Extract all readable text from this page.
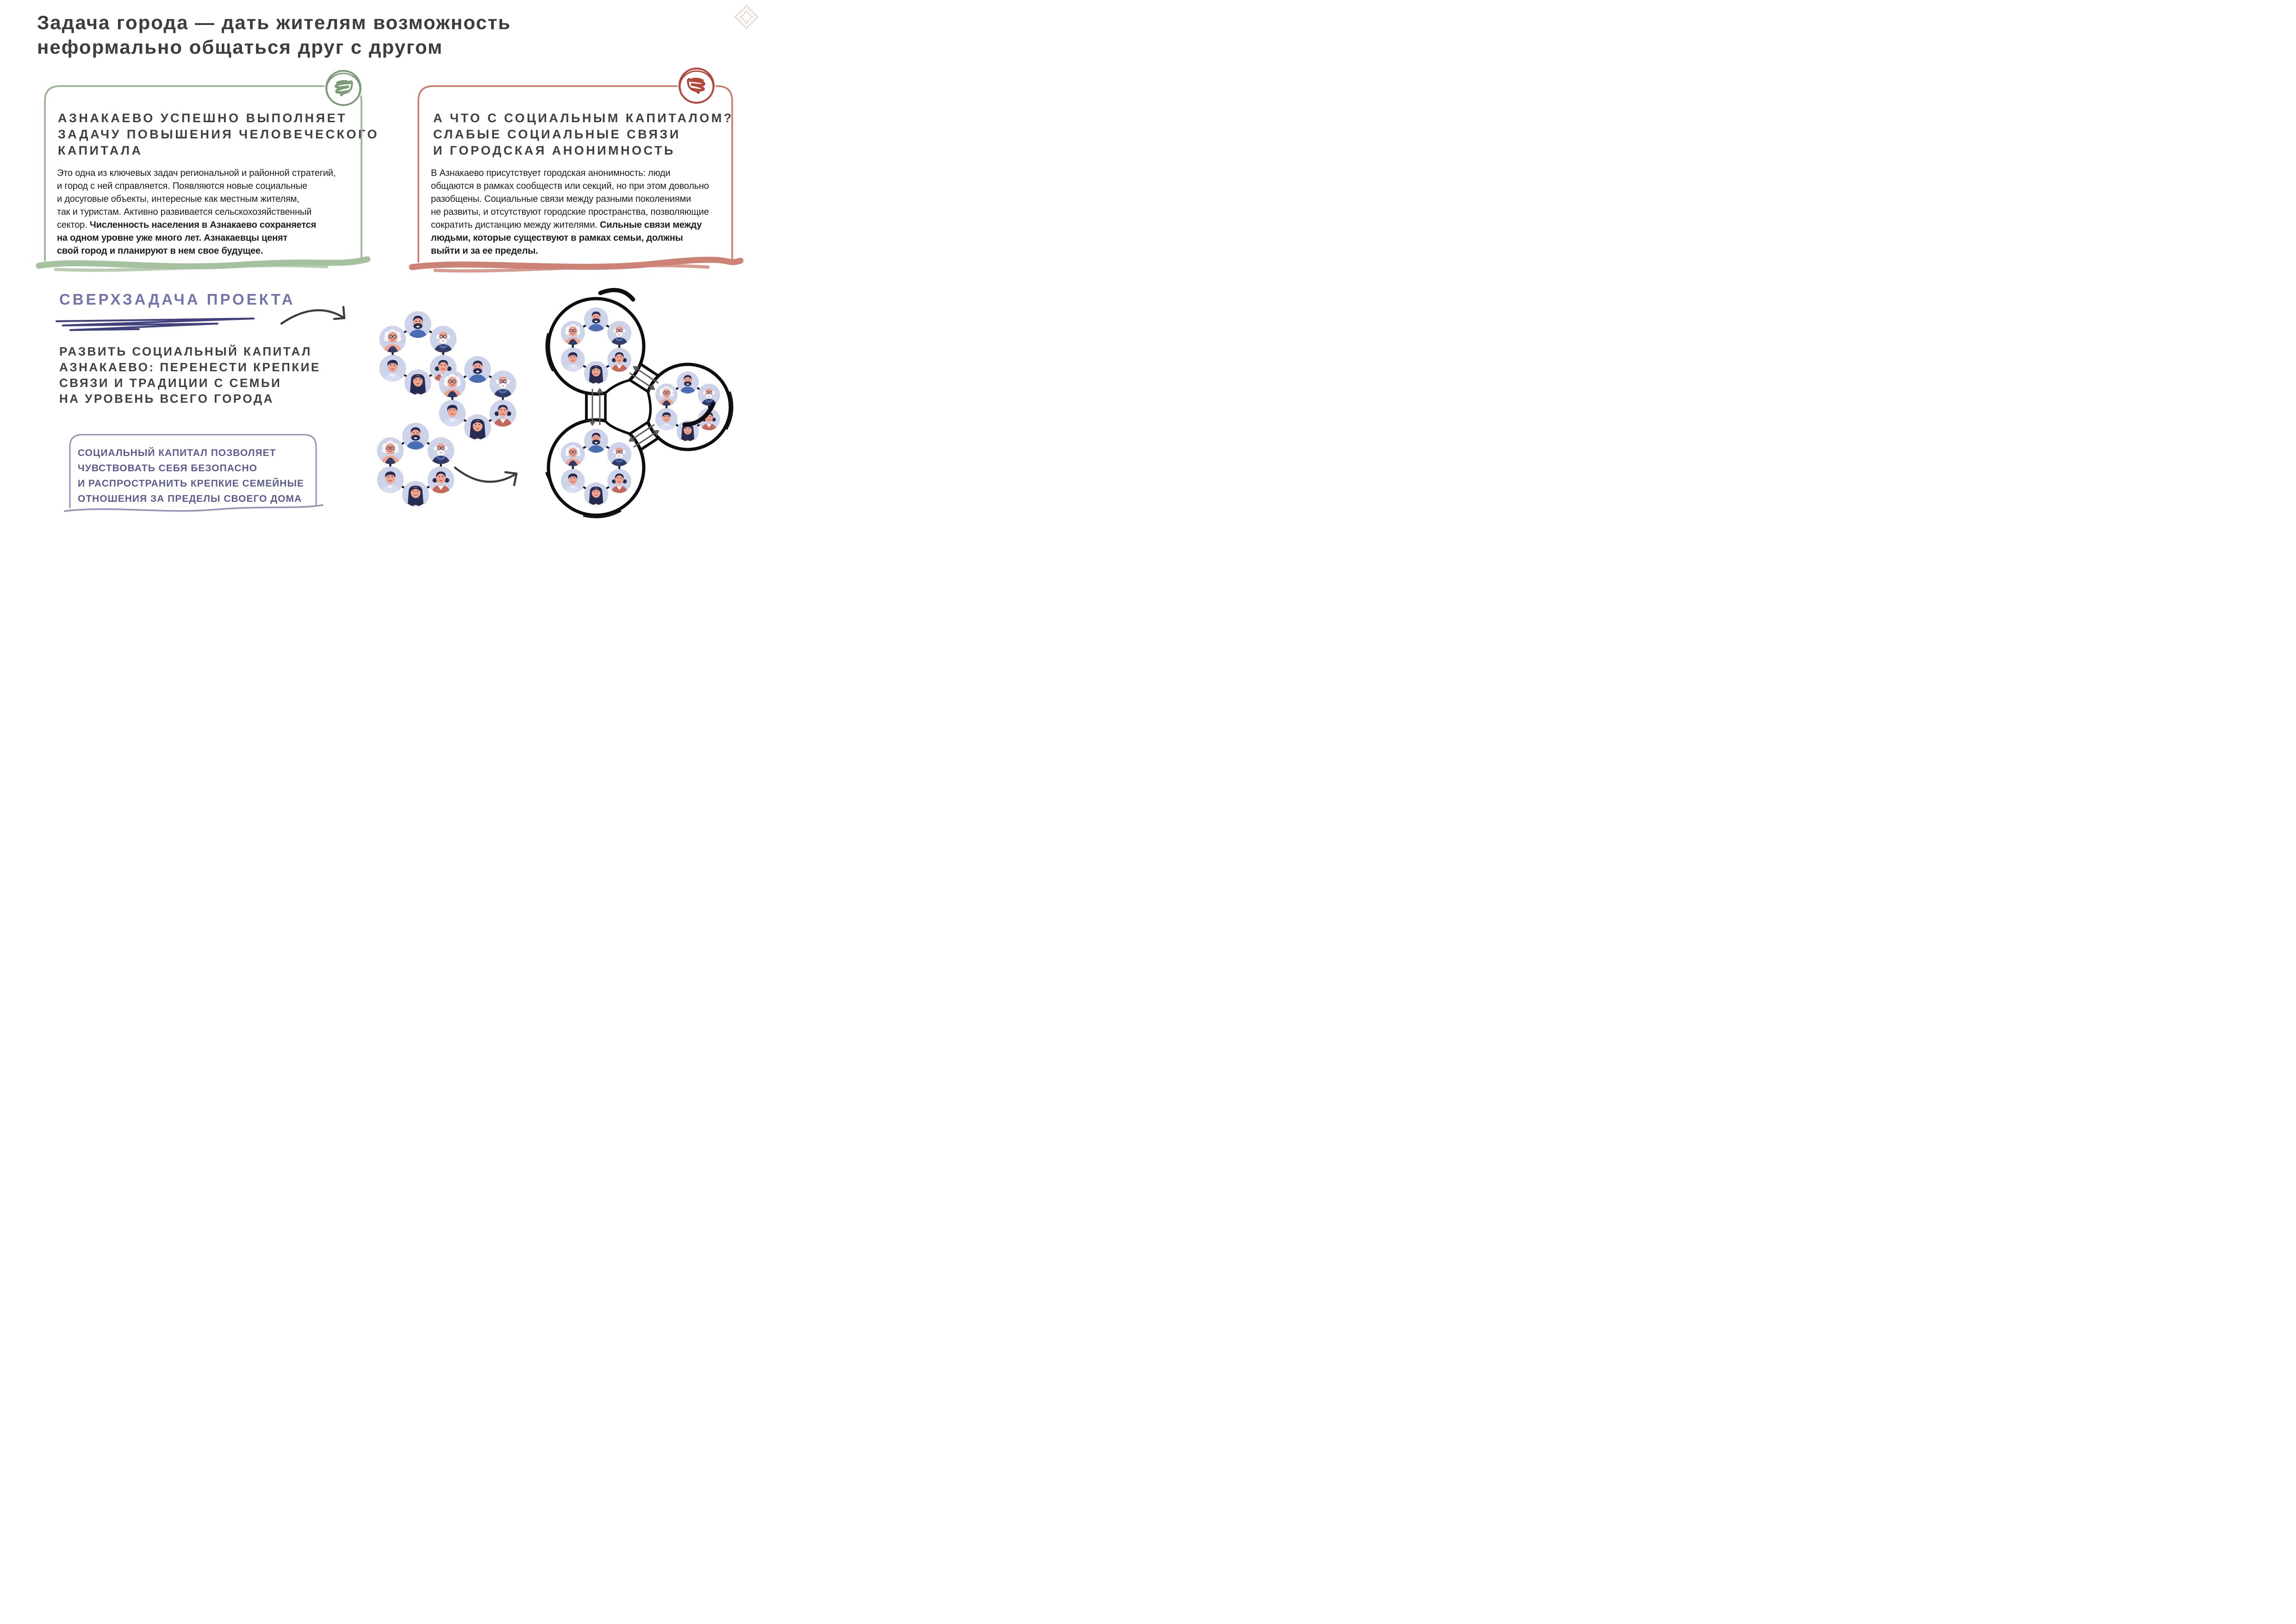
Задача города — дать жителям возможность
неформально общаться друг с другом
АЗНАКАЕВО УСПЕШНО ВЫПОЛНЯЕТ
ЗАДАЧУ ПОВЫШЕНИЯ ЧЕЛОВЕЧЕСКОГО
КАПИТАЛА
Это одна из ключевых задач региональной и районной стратегий,
и город с ней справляется. Появляются новые социальные
и досуговые объекты, интересные как местным жителям,
так и туристам. Активно развивается сельскохозяйственный
сектор. Численность населения в Азнакаево сохраняется
на одном уровне уже много лет. Азнакаевцы ценят
свой город и планируют в нем свое будущее.
А ЧТО С СОЦИАЛЬНЫМ КАПИТАЛОМ?
СЛАБЫЕ СОЦИАЛЬНЫЕ СВЯЗИ
И ГОРОДСКАЯ АНОНИМНОСТЬ
В Азнакаево присутствует городская анонимность: люди
общаются в рамках сообществ или секций, но при этом довольно
разобщены. Социальные связи между разными поколениями
не развиты, и отсутствуют городские пространства, позволяющие
сократить дистанцию между жителями. Сильные связи между
людьми, которые существуют в рамках семьи, должны
выйти и за ее пределы.
СВЕРХЗАДАЧА ПРОЕКТА
РАЗВИТЬ СОЦИАЛЬНЫЙ КАПИТАЛ
АЗНАКАЕВО: ПЕРЕНЕСТИ КРЕПКИЕ
СВЯЗИ И ТРАДИЦИИ С СЕМЬИ
НА УРОВЕНЬ ВСЕГО ГОРОДА
СОЦИАЛЬНЫЙ КАПИТАЛ ПОЗВОЛЯЕТ
ЧУВСТВОВАТЬ СЕБЯ БЕЗОПАСНО
И РАСПРОСТРАНИТЬ КРЕПКИЕ СЕМЕЙНЫЕ
ОТНОШЕНИЯ ЗА ПРЕДЕЛЫ СВОЕГО ДОМА
